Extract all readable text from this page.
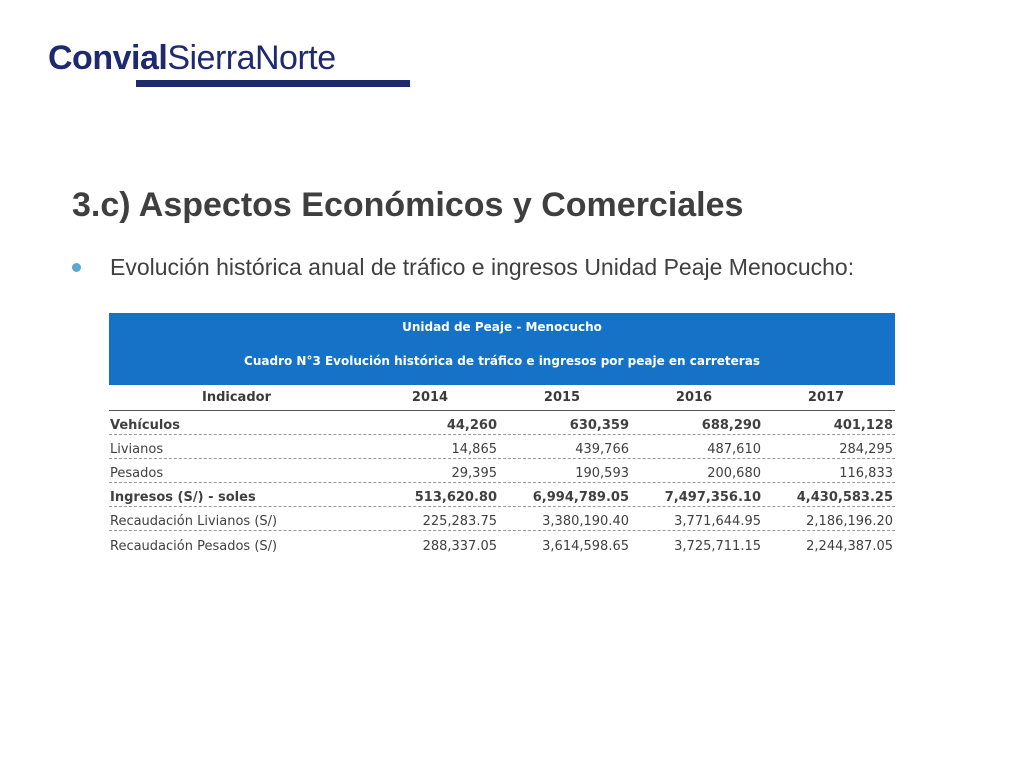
ConvialSierraNorte
3.c) Aspectos Económicos y Comerciales
Evolución histórica anual de tráfico e ingresos Unidad Peaje Menocucho:
Unidad de Peaje - Menocucho
Cuadro N°3 Evolución histórica de tráfico e ingresos por peaje en carreteras
Indicador	2014	2015	2016	2017
Vehículos	44,260	630,359	688,290	401,128
Livianos	14,865	439,766	487,610	284,295
Pesados	29,395	190,593	200,680	116,833
Ingresos (S/) - soles	513,620.80	6,994,789.05	7,497,356.10	4,430,583.25
Recaudación Livianos (S/)	225,283.75	3,380,190.40	3,771,644.95	2,186,196.20
Recaudación Pesados (S/)	288,337.05	3,614,598.65	3,725,711.15	2,244,387.05
